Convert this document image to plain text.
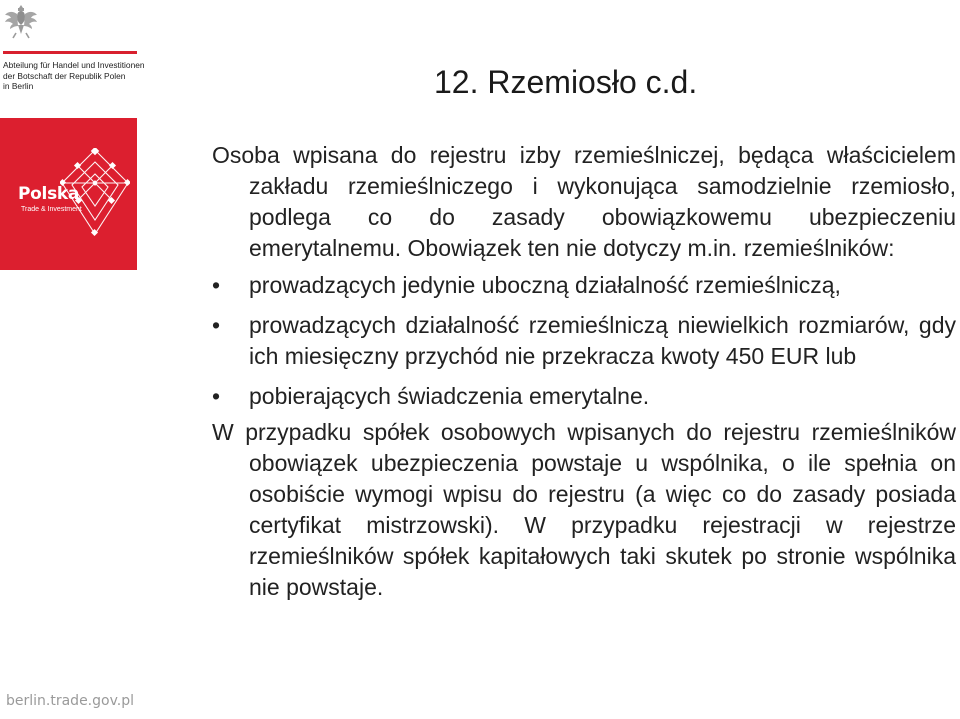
Abteilung für Handel und Investitionen
der Botschaft der Republik Polen
in Berlin
Polska
Trade & Investment
12. Rzemiosło c.d.

Osoba wpisana do rejestru izby rzemieślniczej, będąca właścicielem zakładu rzemieślniczego i wykonująca samodzielnie rzemiosło, podlega co do zasady obowiązkowemu ubezpieczeniu emerytalnemu. Obowiązek ten nie dotyczy m.in. rzemieślników:

• prowadzących jedynie uboczną działalność rzemieślniczą,
• prowadzących działalność rzemieślniczą niewielkich rozmiarów, gdy ich miesięczny przychód nie przekracza kwoty 450 EUR lub
• pobierających świadczenia emerytalne.

W przypadku spółek osobowych wpisanych do rejestru rzemieślników obowiązek ubezpieczenia powstaje u wspólnika, o ile spełnia on osobiście wymogi wpisu do rejestru (a więc co do zasady posiada certyfikat mistrzowski). W przypadku rejestracji w rejestrze rzemieślników spółek kapitałowych taki skutek po stronie wspólnika nie powstaje.

berlin.trade.gov.pl
